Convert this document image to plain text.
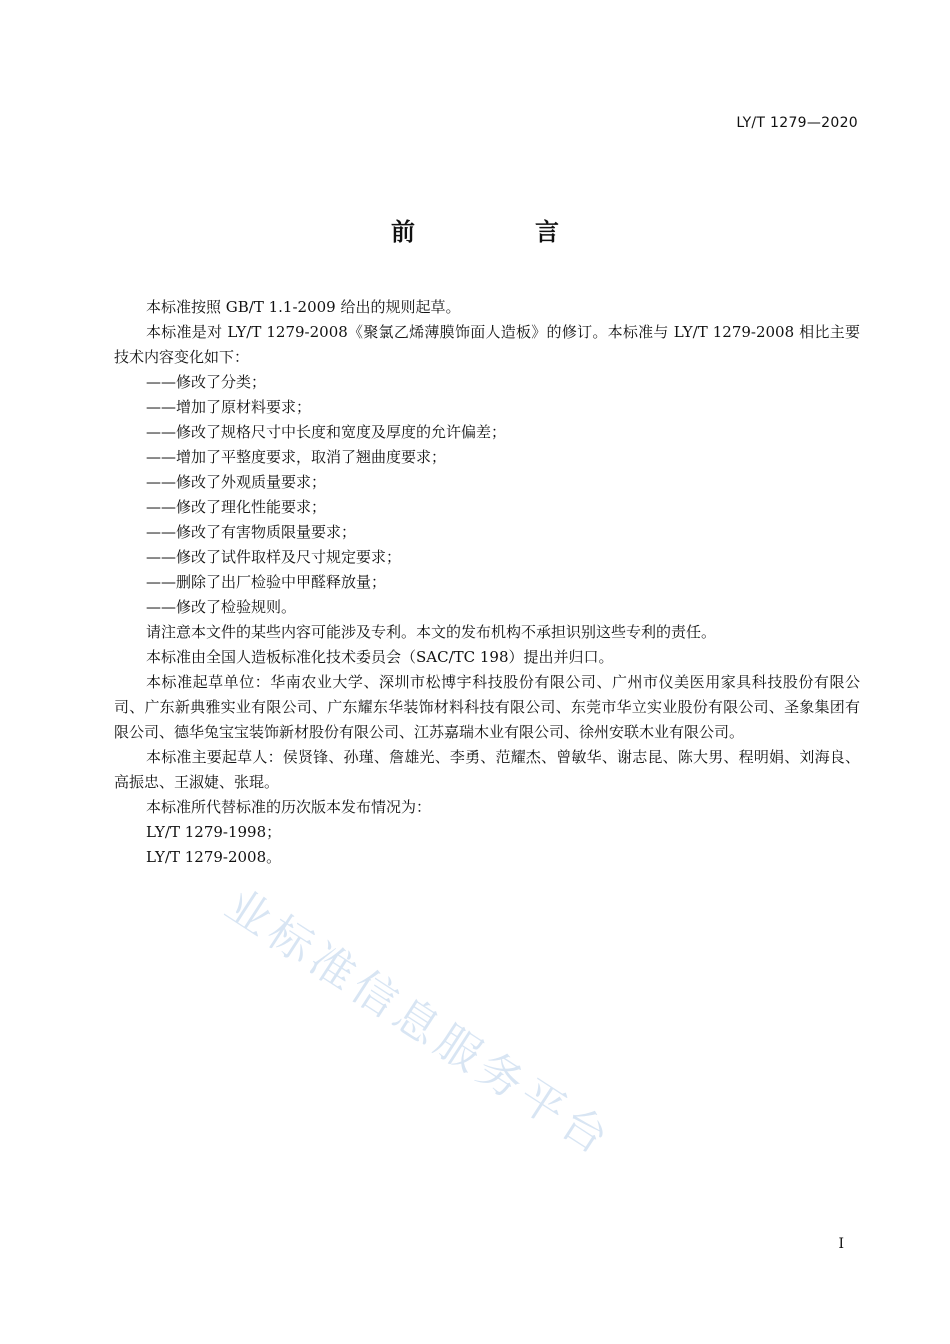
LY/T 1279—2020
前　言

本标准按照 GB/T 1.1-2009 给出的规则起草。

本标准是对 LY/T 1279-2008《聚氯乙烯薄膜饰面人造板》的修订。本标准与 LY/T 1279-2008 相比主要技术内容变化如下：

——修改了分类；

——增加了原材料要求；

——修改了规格尺寸中长度和宽度及厚度的允许偏差；

——增加了平整度要求，取消了翘曲度要求；

——修改了外观质量要求；

——修改了理化性能要求；

——修改了有害物质限量要求；

——修改了试件取样及尺寸规定要求；

——删除了出厂检验中甲醛释放量；

——修改了检验规则。

请注意本文件的某些内容可能涉及专利。本文的发布机构不承担识别这些专利的责任。

本标准由全国人造板标准化技术委员会（SAC/TC 198）提出并归口。

本标准起草单位：华南农业大学、深圳市松博宇科技股份有限公司、广州市仪美医用家具科技股份有限公司、广东新典雅实业有限公司、广东耀东华装饰材料科技有限公司、东莞市华立实业股份有限公司、圣象集团有限公司、德华兔宝宝装饰新材股份有限公司、江苏嘉瑞木业有限公司、徐州安联木业有限公司。

本标准主要起草人：侯贤锋、孙瑾、詹雄光、李勇、范耀杰、曾敏华、谢志昆、陈大男、程明娟、刘海良、高振忠、王淑婕、张琨。

本标准所代替标准的历次版本发布情况为：

LY/T 1279-1998；

LY/T 1279-2008。

业标准信息服务平台
I
